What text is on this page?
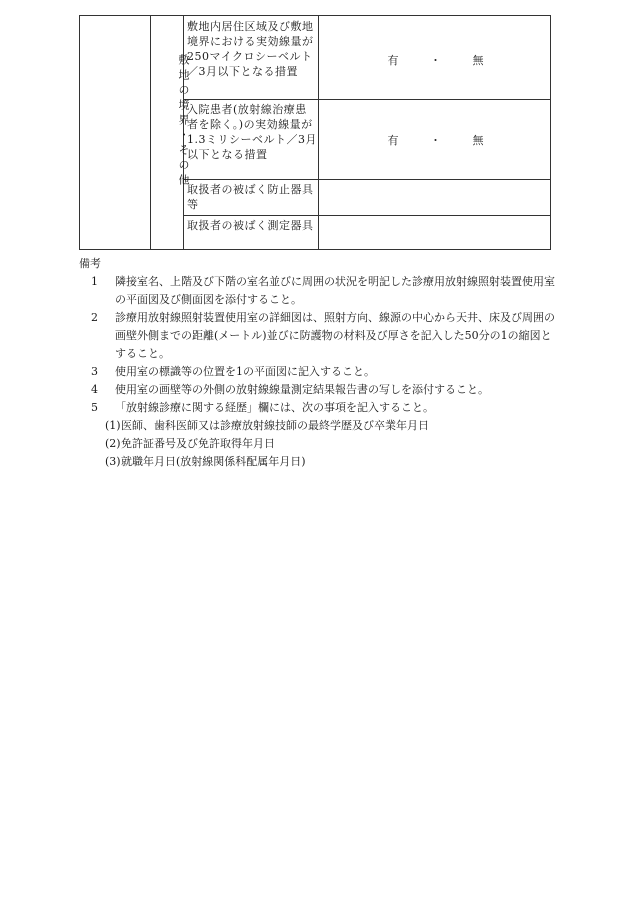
敷地の境界・その他
敷地内居住区域及び敷地境界における実効線量が250マイクロシーベルト／3月以下となる措置
有	・	無
入院患者(放射線治療患者を除く。)の実効線量が1.3ミリシーベルト／3月以下となる措置
有	・	無
取扱者の被ばく防止器具等
取扱者の被ばく測定器具
備考
1 隣接室名、上階及び下階の室名並びに周囲の状況を明記した診療用放射線照射装置使用室の平面図及び側面図を添付すること。
2 診療用放射線照射装置使用室の詳細図は、照射方向、線源の中心から天井、床及び周囲の画壁外側までの距離(メートル)並びに防護物の材料及び厚さを記入した50分の1の縮図とすること。
3 使用室の標識等の位置を1の平面図に記入すること。
4 使用室の画壁等の外側の放射線線量測定結果報告書の写しを添付すること。
5 「放射線診療に関する経歴」欄には、次の事項を記入すること。
(1) 医師、歯科医師又は診療放射線技師の最終学歴及び卒業年月日
(2) 免許証番号及び免許取得年月日
(3) 就職年月日(放射線関係科配属年月日)
